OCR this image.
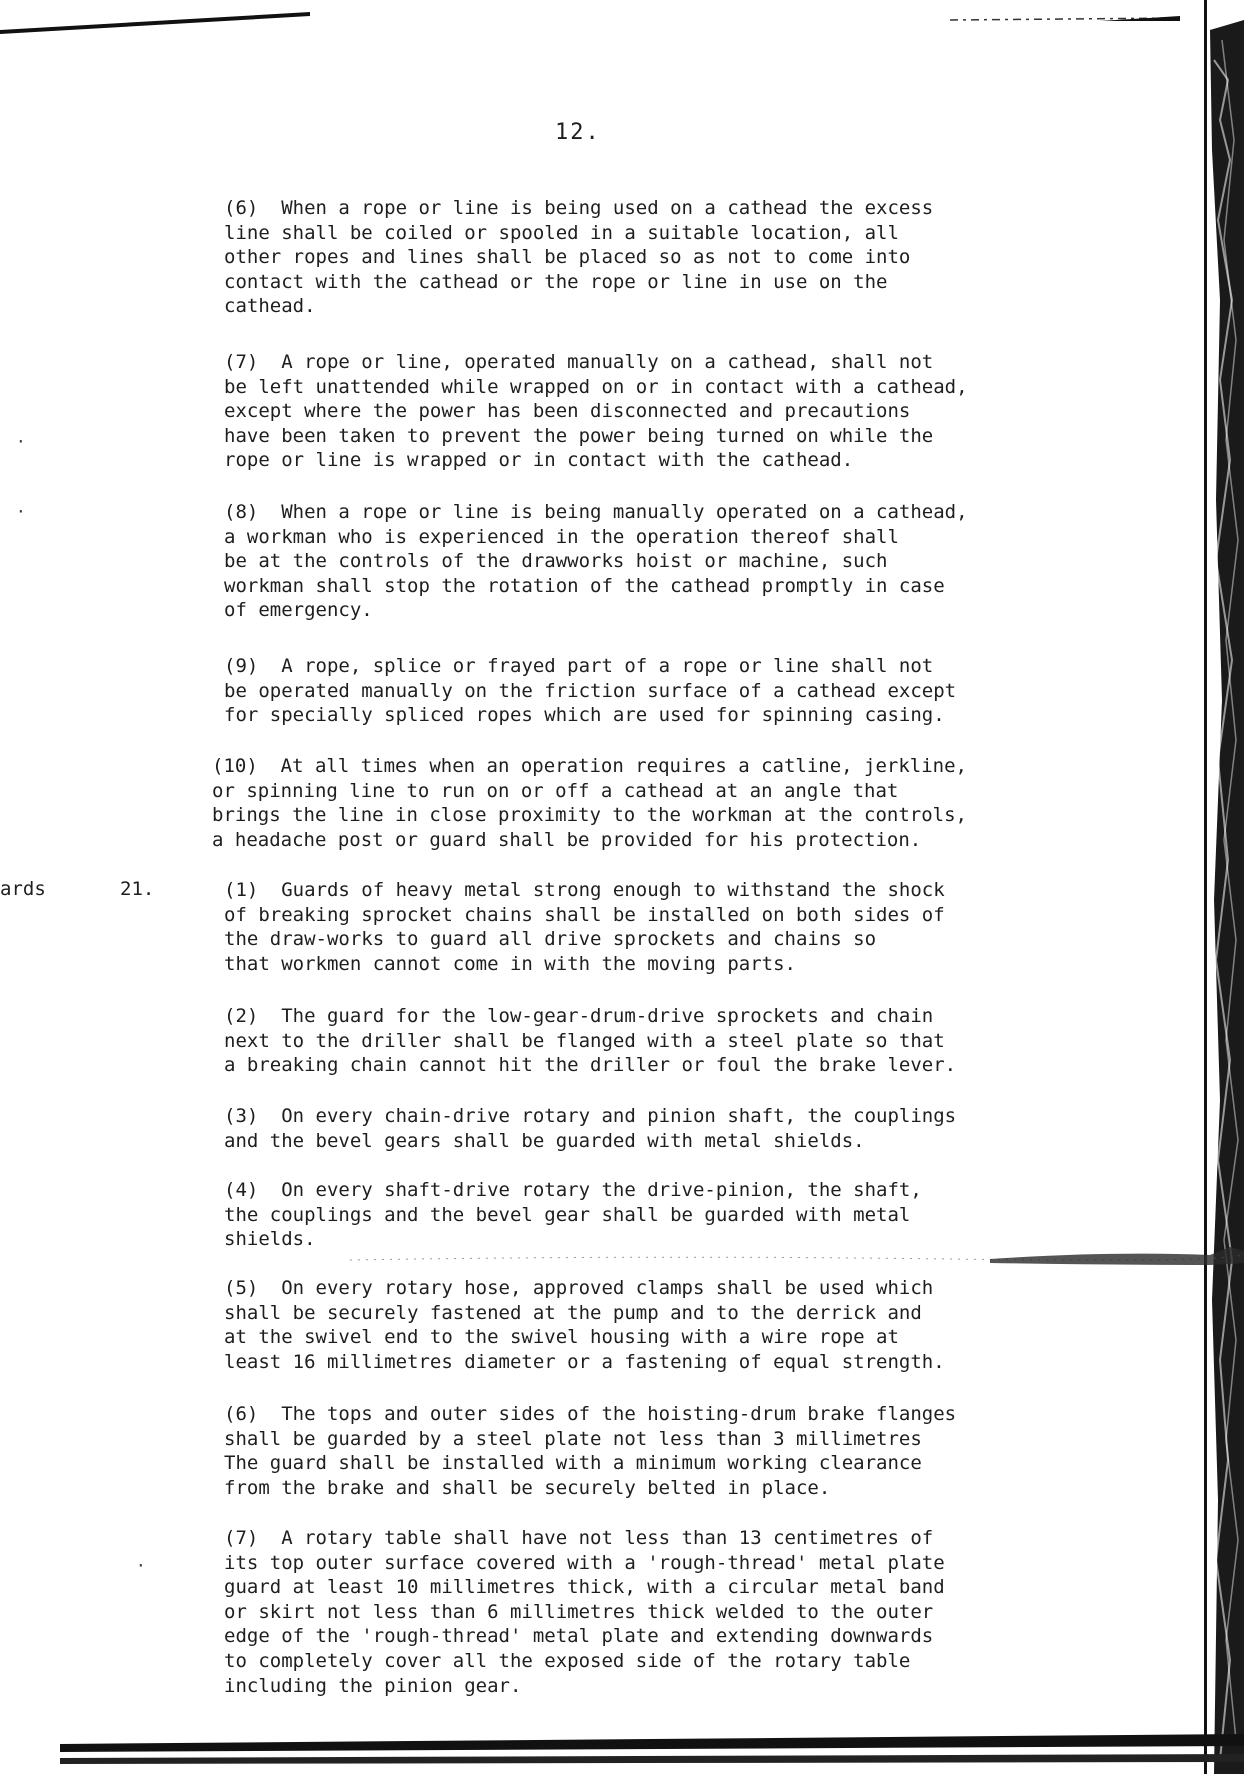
·
·
·
12.
ards	21.

(6)  When a rope or line is being used on a cathead the excess
line shall be coiled or spooled in a suitable location, all
other ropes and lines shall be placed so as not to come into
contact with the cathead or the rope or line in use on the
cathead.

(7)  A rope or line, operated manually on a cathead, shall not
be left unattended while wrapped on or in contact with a cathead,
except where the power has been disconnected and precautions
have been taken to prevent the power being turned on while the
rope or line is wrapped or in contact with the cathead.

(8)  When a rope or line is being manually operated on a cathead,
a workman who is experienced in the operation thereof shall
be at the controls of the drawworks hoist or machine, such
workman shall stop the rotation of the cathead promptly in case
of emergency.

(9)  A rope, splice or frayed part of a rope or line shall not
be operated manually on the friction surface of a cathead except
for specially spliced ropes which are used for spinning casing.

(10)  At all times when an operation requires a catline, jerkline,
or spinning line to run on or off a cathead at an angle that
brings the line in close proximity to the workman at the controls,
a headache post or guard shall be provided for his protection.

(1)  Guards of heavy metal strong enough to withstand the shock
of breaking sprocket chains shall be installed on both sides of
the draw-works to guard all drive sprockets and chains so
that workmen cannot come in with the moving parts.

(2)  The guard for the low-gear-drum-drive sprockets and chain
next to the driller shall be flanged with a steel plate so that
a breaking chain cannot hit the driller or foul the brake lever.

(3)  On every chain-drive rotary and pinion shaft, the couplings
and the bevel gears shall be guarded with metal shields.

(4)  On every shaft-drive rotary the drive-pinion, the shaft,
the couplings and the bevel gear shall be guarded with metal
shields.

(5)  On every rotary hose, approved clamps shall be used which
shall be securely fastened at the pump and to the derrick and
at the swivel end to the swivel housing with a wire rope at
least 16 millimetres diameter or a fastening of equal strength.

(6)  The tops and outer sides of the hoisting-drum brake flanges
shall be guarded by a steel plate not less than 3 millimetres
The guard shall be installed with a minimum working clearance
from the brake and shall be securely belted in place.

(7)  A rotary table shall have not less than 13 centimetres of
its top outer surface covered with a 'rough-thread' metal plate
guard at least 10 millimetres thick, with a circular metal band
or skirt not less than 6 millimetres thick welded to the outer
edge of the 'rough-thread' metal plate and extending downwards
to completely cover all the exposed side of the rotary table
including the pinion gear.
